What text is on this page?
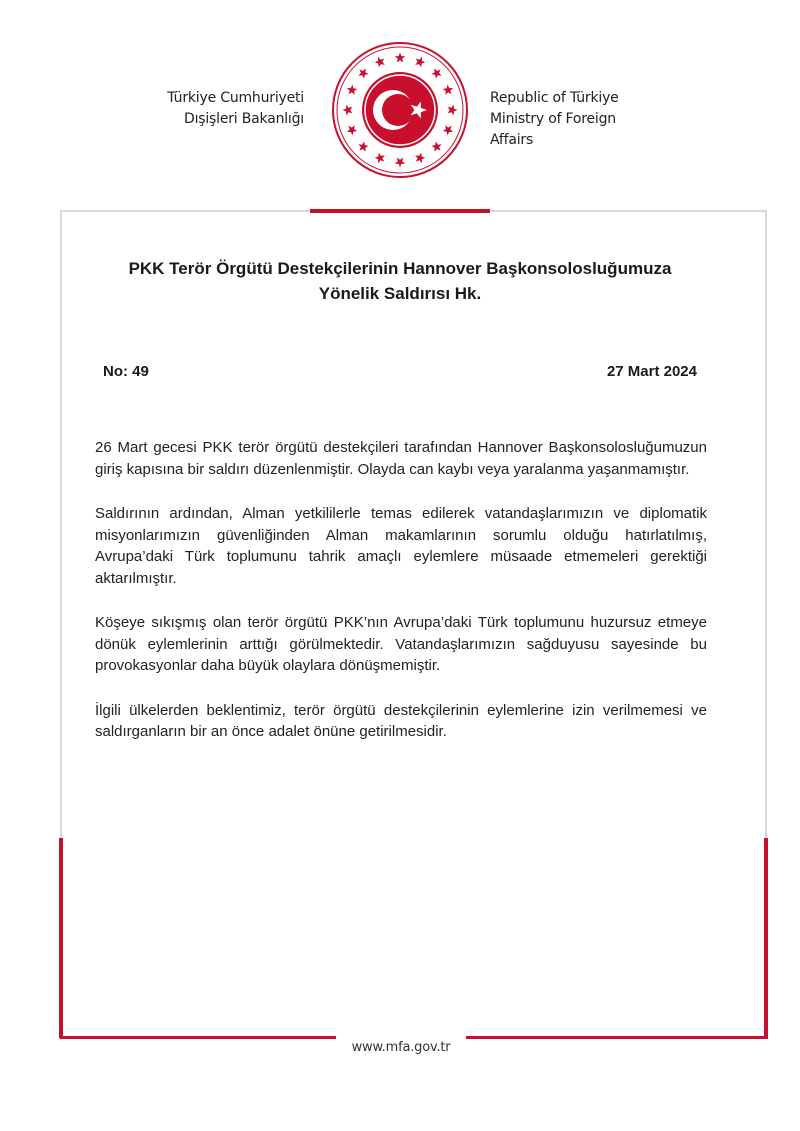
Türkiye Cumhuriyeti
Dışişleri Bakanlığı
Republic of Türkiye
Ministry of Foreign Affairs
PKK Terör Örgütü Destekçilerinin Hannover Başkonsolosluğumuza
Yönelik Saldırısı Hk.
No: 49	27 Mart 2024

26 Mart gecesi PKK terör örgütü destekçileri tarafından Hannover Başkonsolosluğumuzun giriş kapısına bir saldırı düzenlenmiştir. Olayda can kaybı veya yaralanma yaşanmamıştır.

Saldırının ardından, Alman yetkililerle temas edilerek vatandaşlarımızın ve diplomatik misyonlarımızın güvenliğinden Alman makamlarının sorumlu olduğu hatırlatılmış, Avrupa’daki Türk toplumunu tahrik amaçlı eylemlere müsaade etmemeleri gerektiği aktarılmıştır.

Köşeye sıkışmış olan terör örgütü PKK’nın Avrupa’daki Türk toplumunu huzursuz etmeye dönük eylemlerinin arttığı görülmektedir. Vatandaşlarımızın sağduyusu sayesinde bu provokasyonlar daha büyük olaylara dönüşmemiştir.

İlgili ülkelerden beklentimiz, terör örgütü destekçilerinin eylemlerine izin verilmemesi ve saldırganların bir an önce adalet önüne getirilmesidir.

www.mfa.gov.tr
